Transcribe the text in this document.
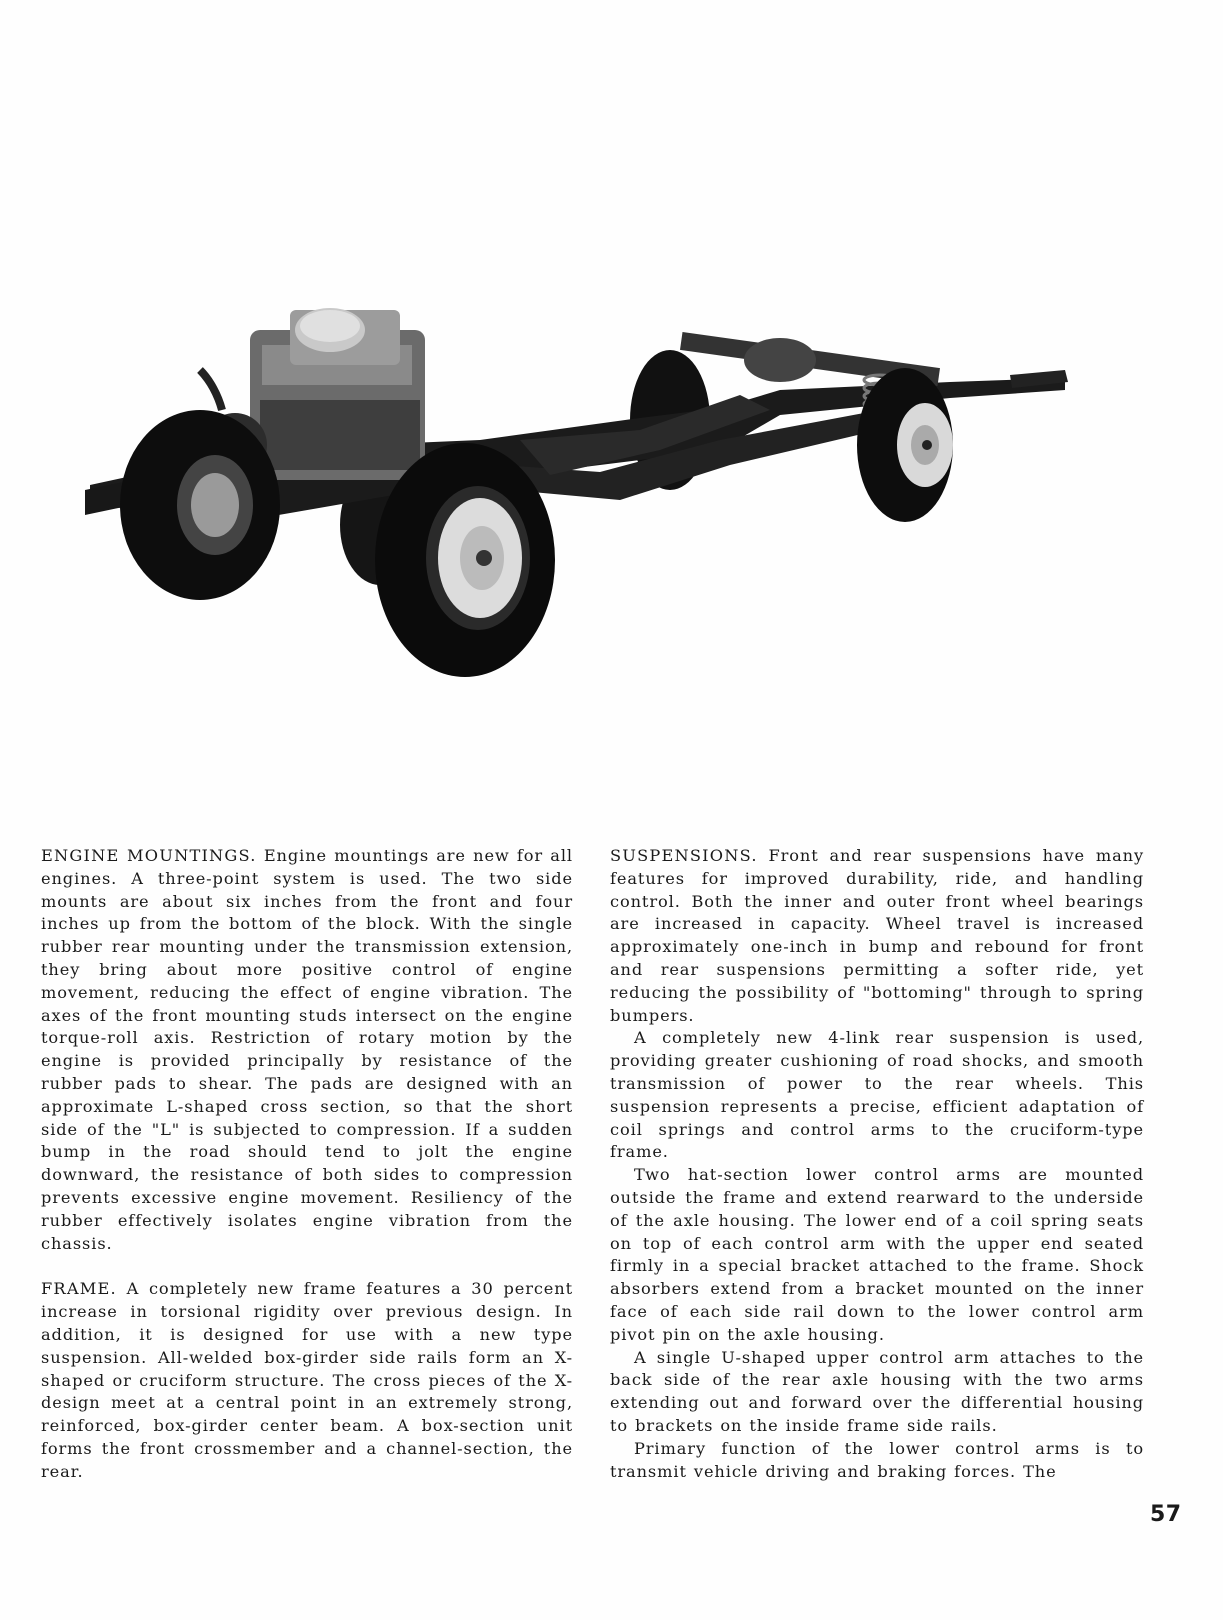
ENGINE MOUNTINGS. Engine mountings are new for all engines. A three-point system is used. The two side mounts are about six inches from the front and four inches up from the bottom of the block. With the single rubber rear mounting under the transmission extension, they bring about more positive control of engine movement, reducing the effect of engine vibration. The axes of the front mounting studs intersect on the engine torque-roll axis. Restriction of rotary motion by the engine is provided principally by resistance of the rubber pads to shear. The pads are designed with an approximate L-shaped cross section, so that the short side of the "L" is subjected to compression. If a sudden bump in the road should tend to jolt the engine downward, the resistance of both sides to compression prevents excessive engine movement. Resiliency of the rubber effectively isolates engine vibration from the chassis.

FRAME. A completely new frame features a 30 percent increase in torsional rigidity over previous design. In addition, it is designed for use with a new type suspension. All-welded box-girder side rails form an X-shaped or cruciform structure. The cross pieces of the X-design meet at a central point in an extremely strong, reinforced, box-girder center beam. A box-section unit forms the front crossmember and a channel-section, the rear.

SUSPENSIONS. Front and rear suspensions have many features for improved durability, ride, and handling control. Both the inner and outer front wheel bearings are increased in capacity. Wheel travel is increased approximately one-inch in bump and rebound for front and rear suspensions permitting a softer ride, yet reducing the possibility of "bottoming" through to spring bumpers.

A completely new 4-link rear suspension is used, providing greater cushioning of road shocks, and smooth transmission of power to the rear wheels. This suspension represents a precise, efficient adaptation of coil springs and control arms to the cruciform-type frame.

Two hat-section lower control arms are mounted outside the frame and extend rearward to the underside of the axle housing. The lower end of a coil spring seats on top of each control arm with the upper end seated firmly in a special bracket attached to the frame. Shock absorbers extend from a bracket mounted on the inner face of each side rail down to the lower control arm pivot pin on the axle housing.

A single U-shaped upper control arm attaches to the back side of the rear axle housing with the two arms extending out and forward over the differential housing to brackets on the inside frame side rails.

Primary function of the lower control arms is to transmit vehicle driving and braking forces. The

57
